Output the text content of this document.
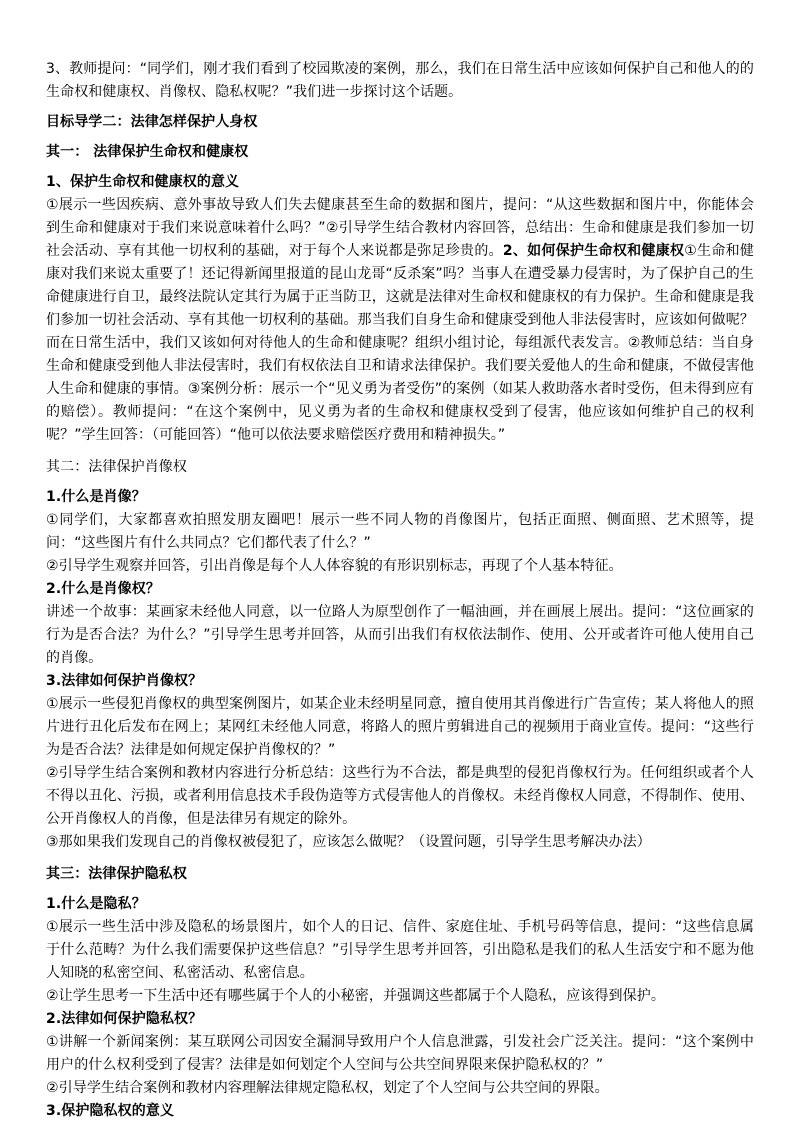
3、教师提问：“同学们，刚才我们看到了校园欺凌的案例，那么，我们在日常生活中应该如何保护自己和他人的的生命权和健康权、肖像权、隐私权呢？”我们进一步探讨这个话题。

目标导学二：法律怎样保护人身权

其一： 法律保护生命权和健康权

1、保护生命权和健康权的意义

①展示一些因疾病、意外事故导致人们失去健康甚至生命的数据和图片，提问：“从这些数据和图片中，你能体会到生命和健康对于我们来说意味着什么吗？”②引导学生结合教材内容回答，总结出：生命和健康是我们参加一切社会活动、享有其他一切权利的基础，对于每个人来说都是弥足珍贵的。2、如何保护生命权和健康权①生命和健康对我们来说太重要了！还记得新闻里报道的昆山龙哥“反杀案”吗？当事人在遭受暴力侵害时，为了保护自己的生命健康进行自卫，最终法院认定其行为属于正当防卫，这就是法律对生命权和健康权的有力保护。生命和健康是我们参加一切社会活动、享有其他一切权利的基础。那当我们自身生命和健康受到他人非法侵害时，应该如何做呢？而在日常生活中，我们又该如何对待他人的生命和健康呢？组织小组讨论，每组派代表发言。②教师总结：当自身生命和健康受到他人非法侵害时，我们有权依法自卫和请求法律保护。我们要关爱他人的生命和健康，不做侵害他人生命和健康的事情。③案例分析：展示一个“见义勇为者受伤”的案例（如某人救助落水者时受伤，但未得到应有的赔偿）。教师提问：“在这个案例中，见义勇为者的生命权和健康权受到了侵害，他应该如何维护自己的权利呢？”学生回答：（可能回答）“他可以依法要求赔偿医疗费用和精神损失。”

其二：法律保护肖像权

1.什么是肖像？

①同学们，大家都喜欢拍照发朋友圈吧！展示一些不同人物的肖像图片，包括正面照、侧面照、艺术照等，提问：“这些图片有什么共同点？它们都代表了什么？”

②引导学生观察并回答，引出肖像是每个人人体容貌的有形识别标志，再现了个人基本特征。

2.什么是肖像权？

讲述一个故事：某画家未经他人同意，以一位路人为原型创作了一幅油画，并在画展上展出。提问：“这位画家的行为是否合法？为什么？”引导学生思考并回答，从而引出我们有权依法制作、使用、公开或者许可他人使用自己的肖像。

3.法律如何保护肖像权？

①展示一些侵犯肖像权的典型案例图片，如某企业未经明星同意，擅自使用其肖像进行广告宣传；某人将他人的照片进行丑化后发布在网上；某网红未经他人同意，将路人的照片剪辑进自己的视频用于商业宣传。提问：“这些行为是否合法？法律是如何规定保护肖像权的？”

②引导学生结合案例和教材内容进行分析总结：这些行为不合法，都是典型的侵犯肖像权行为。任何组织或者个人不得以丑化、污损，或者利用信息技术手段伪造等方式侵害他人的肖像权。未经肖像权人同意，不得制作、使用、公开肖像权人的肖像，但是法律另有规定的除外。

③那如果我们发现自己的肖像权被侵犯了，应该怎么做呢？（设置问题，引导学生思考解决办法）

其三：法律保护隐私权

1.什么是隐私？

①展示一些生活中涉及隐私的场景图片，如个人的日记、信件、家庭住址、手机号码等信息，提问：“这些信息属于什么范畴？为什么我们需要保护这些信息？”引导学生思考并回答，引出隐私是我们的私人生活安宁和不愿为他人知晓的私密空间、私密活动、私密信息。

②让学生思考一下生活中还有哪些属于个人的小秘密，并强调这些都属于个人隐私，应该得到保护。

2.法律如何保护隐私权？

①讲解一个新闻案例：某互联网公司因安全漏洞导致用户个人信息泄露，引发社会广泛关注。提问：“这个案例中用户的什么权利受到了侵害？法律是如何划定个人空间与公共空间界限来保护隐私权的？”

②引导学生结合案例和教材内容理解法律规定隐私权，划定了个人空间与公共空间的界限。

3.保护隐私权的意义
